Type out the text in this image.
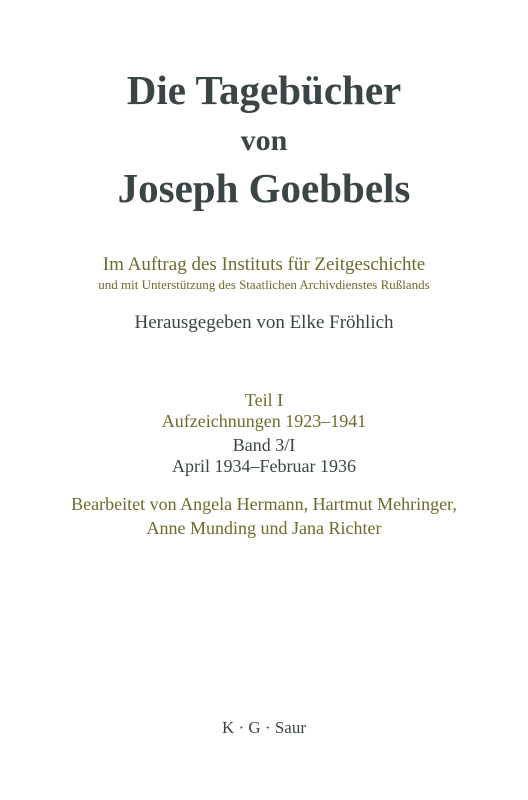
Die Tagebücher
von
Joseph Goebbels
Im Auftrag des Instituts für Zeitgeschichte
und mit Unterstützung des Staatlichen Archivdienstes Rußlands
Herausgegeben von Elke Fröhlich
Teil I
Aufzeichnungen 1923–1941
Band 3/I
April 1934–Februar 1936
Bearbeitet von Angela Hermann, Hartmut Mehringer,
Anne Munding und Jana Richter
K · G · Saur
